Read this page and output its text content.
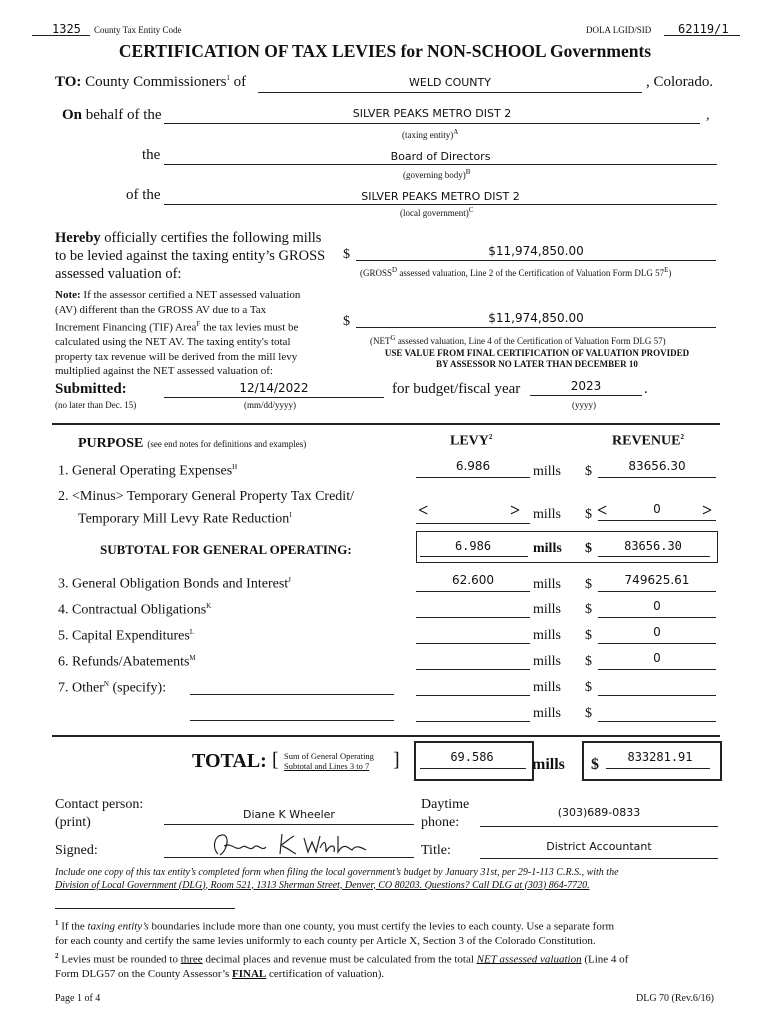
1325 County Tax Entity Code	DOLA LGID/SID 62119/1
CERTIFICATION OF TAX LEVIES for NON-SCHOOL Governments
TO: County Commissioners$^1$ of	WELD COUNTY	, Colorado.
On behalf of the	SILVER PEAKS METRO DIST 2	,
(taxing entity)$^A$
the	Board of Directors
(governing body)$^B$
of the	SILVER PEAKS METRO DIST 2
(local government)$^C$
Hereby officially certifies the following mills
to be levied against the taxing entity’s GROSS
assessed valuation of:
$	$11,974,850.00
($GROSS^D$ assessed valuation, Line 2 of the Certification of Valuation Form DLG $57^E$)
Note: If the assessor certified a NET assessed valuation
(AV) different than the GROSS AV due to a Tax
Increment Financing (TIF) Area$^F$ the tax levies must be
calculated using the NET AV. The taxing entity's total
property tax revenue will be derived from the mill levy
multiplied against the NET assessed valuation of:
$	$11,974,850.00
($NET^G$ assessed valuation, Line 4 of the Certification of Valuation Form DLG 57)
USE VALUE FROM FINAL CERTIFICATION OF VALUATION PROVIDED
BY ASSESSOR NO LATER THAN DECEMBER 10
Submitted:
(no later than Dec. 15)
12/14/2022
(mm/dd/yyyy)
for budget/fiscal year	2023	.
(yyyy)
PURPOSE (see end notes for definitions and examples)	LEVY$^2$	REVENUE$^2$
1. General Operating Expenses$^H$	6.986	mills $	83656.30
2. <Minus> Temporary General Property Tax Credit/
Temporary Mill Levy Rate Reduction$^I$	<	> mills $ <	0	>
SUBTOTAL FOR GENERAL OPERATING:	6.986	mills $	83656.30
3. General Obligation Bonds and Interest$^J$	62.600	mills $	749625.61
4. Contractual Obligations$^K$	mills $	0
5. Capital Expenditures$^L$	mills $	0
6. Refunds/Abatements$^M$	mills $	0
7. Other$^N$ (specify):	mills $
mills $
TOTAL: [ Sum of General Operating
Subtotal and Lines 3 to 7 ]	69.586	mills $	833281.91
Contact person:
(print)
Diane K Wheeler
Daytime
phone:
(303)689-0833
Signed:	Title:	District Accountant
Include one copy of this tax entity’s completed form when filing the local government’s budget by January 31st, per 29-1-113 C.R.S., with the
Division of Local Government (DLG), Room 521, 1313 Sherman Street, Denver, CO 80203. Questions? Call DLG at (303) 864-7720.
$^1$ If the taxing entity’s boundaries include more than one county, you must certify the levies to each county. Use a separate form
for each county and certify the same levies uniformly to each county per Article X, Section 3 of the Colorado Constitution.
$^2$ Levies must be rounded to three decimal places and revenue must be calculated from the total NET assessed valuation (Line 4 of
Form DLG57 on the County Assessor’s FINAL certification of valuation).
Page 1 of 4	DLG 70 (Rev.6/16)
